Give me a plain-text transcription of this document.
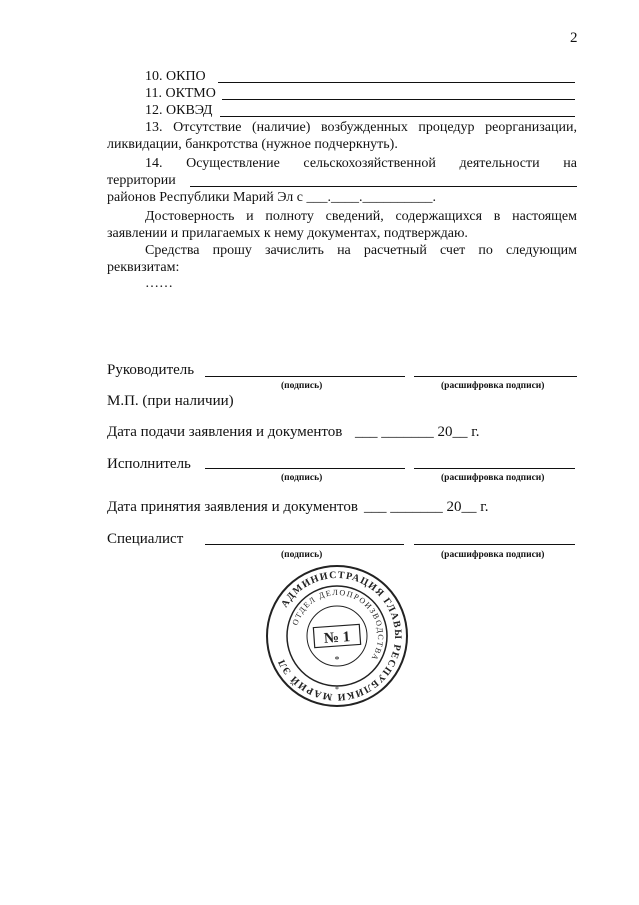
2
10. ОКПО
11. ОКТМО
12. ОКВЭД
13. Отсутствие (наличие) возбужденных процедур реорганизации,
ликвидации, банкротства (нужное подчеркнуть).
14. Осуществление сельскохозяйственной деятельности на
территории
районов Республики Марий Эл с ___.____.__________.
Достоверность и полноту сведений, содержащихся в настоящем
заявлении и прилагаемых к нему документах, подтверждаю.
Средства прошу зачислить на расчетный счет по следующим
реквизитам:
……
Руководитель
(подпись)	(расшифровка подписи)
М.П. (при наличии)
Дата подачи заявления и документов ___ _______ 20__ г.
Исполнитель
(подпись)	(расшифровка подписи)
Дата принятия заявления и документов ___ _______ 20__ г.
Специалист
(подпись)	(расшифровка подписи)
АДМИНИСТРАЦИЯ ГЛАВЫ РЕСПУБЛИКИ МАРИЙ ЭЛ
ОТДЕЛ ДЕЛОПРОИЗВОДСТВА
№ 1
*
*
